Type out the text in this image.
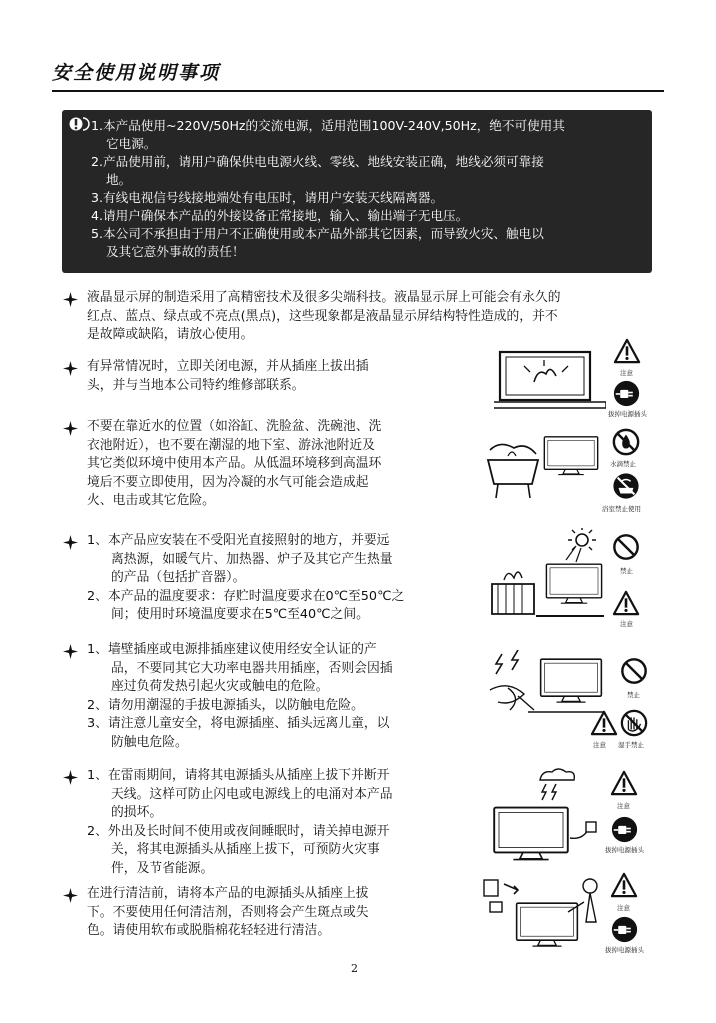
安全使用说明事项
1.本产品使用~220V/50Hz的交流电源，适用范围100V-240V,50Hz，绝不可使用其
它电源。
2.产品使用前，请用户确保供电电源火线、零线、地线安装正确，地线必须可靠接
地。
3.有线电视信号线接地端处有电压时，请用户安装天线隔离器。
4.请用户确保本产品的外接设备正常接地，输入、输出端子无电压。
5.本公司不承担由于用户不正确使用或本产品外部其它因素，而导致火灾、触电以
及其它意外事故的责任！
液晶显示屏的制造采用了高精密技术及很多尖端科技。液晶显示屏上可能会有永久的
红点、蓝点、绿点或不亮点(黑点)，这些现象都是液晶显示屏结构特性造成的，并不
是故障或缺陷，请放心使用。
有异常情况时，立即关闭电源，并从插座上拔出插
头，并与当地本公司特约维修部联系。
注意
拔掉电源插头
不要在靠近水的位置（如浴缸、洗脸盆、洗碗池、洗
衣池附近），也不要在潮湿的地下室、游泳池附近及
其它类似环境中使用本产品。从低温环境移到高温环
境后不要立即使用，因为冷凝的水气可能会造成起
火、电击或其它危险。
水滴禁止
浴室禁止使用
1、本产品应安装在不受阳光直接照射的地方，并要远
离热源，如暖气片、加热器、炉子及其它产生热量
的产品（包括扩音器）。
2、本产品的温度要求：存贮时温度要求在0℃至50℃之
间；使用时环境温度要求在5℃至40℃之间。
禁止
注意
1、墙壁插座或电源排插座建议使用经安全认证的产
品，不要同其它大功率电器共用插座，否则会因插
座过负荷发热引起火灾或触电的危险。
2、请勿用潮湿的手拔电源插头，以防触电危险。
3、请注意儿童安全，将电源插座、插头远离儿童，以
防触电危险。
禁止
注意 湿手禁止
1、在雷雨期间，请将其电源插头从插座上拔下并断开
天线。这样可防止闪电或电源线上的电涌对本产品
的损坏。
2、外出及长时间不使用或夜间睡眠时，请关掉电源开
关，将其电源插头从插座上拔下，可预防火灾事
件，及节省能源。
注意
拔掉电源插头
在进行清洁前，请将本产品的电源插头从插座上拔
下。不要使用任何清洁剂，否则将会产生斑点或失
色。请使用软布或脱脂棉花轻轻进行清洁。
注意
拔掉电源插头
2
